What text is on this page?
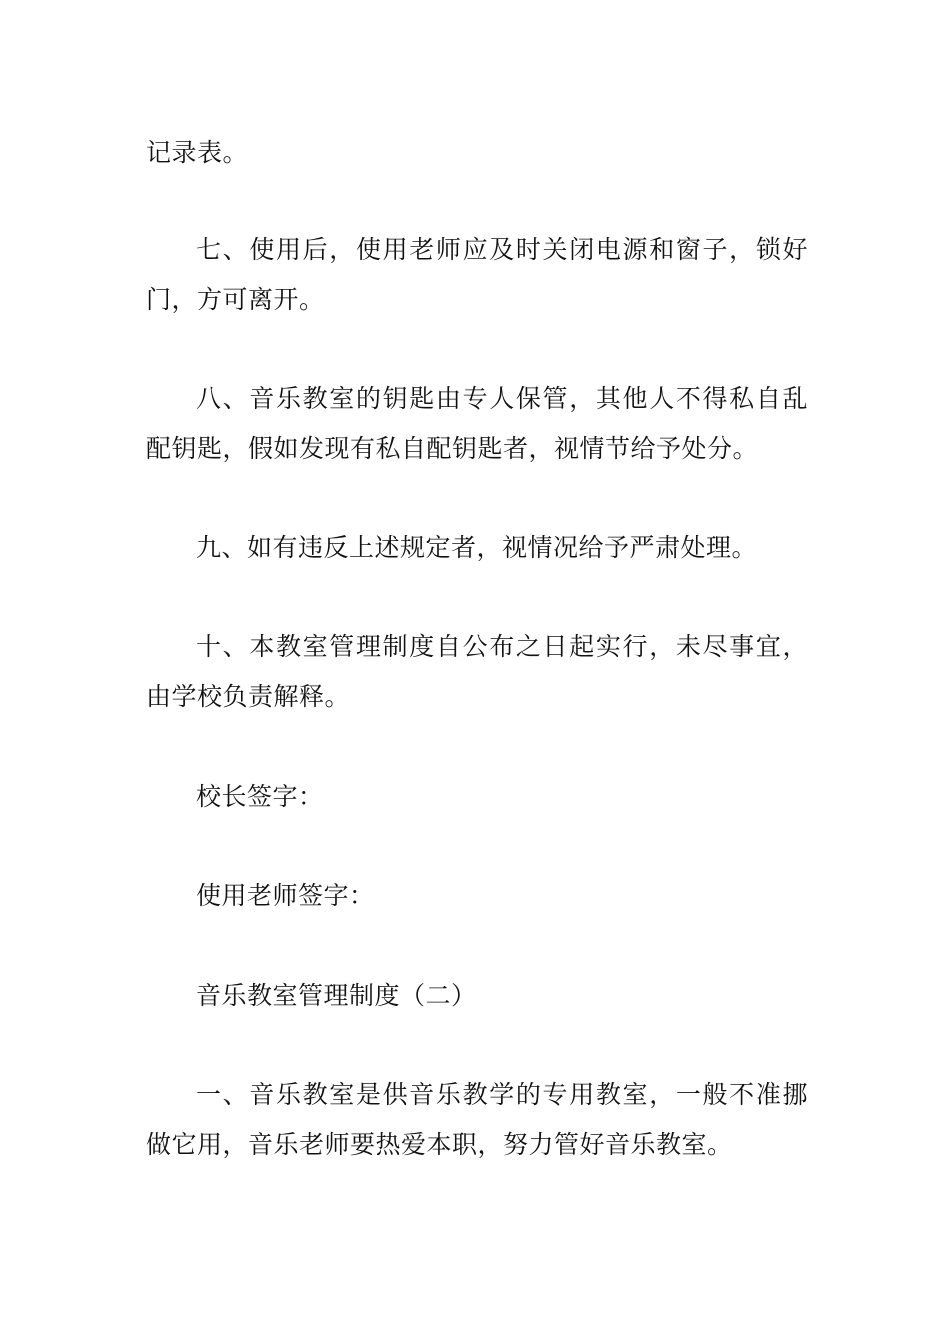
记录表。
七、使用后，使用老师应及时关闭电源和窗子，锁好
门，方可离开。
八、音乐教室的钥匙由专人保管，其他人不得私自乱
配钥匙，假如发现有私自配钥匙者，视情节给予处分。
九、如有违反上述规定者，视情况给予严肃处理。
十、本教室管理制度自公布之日起实行，未尽事宜，
由学校负责解释。
校长签字：
使用老师签字：
音乐教室管理制度（二）
一、音乐教室是供音乐教学的专用教室，一般不准挪
做它用，音乐老师要热爱本职，努力管好音乐教室。
